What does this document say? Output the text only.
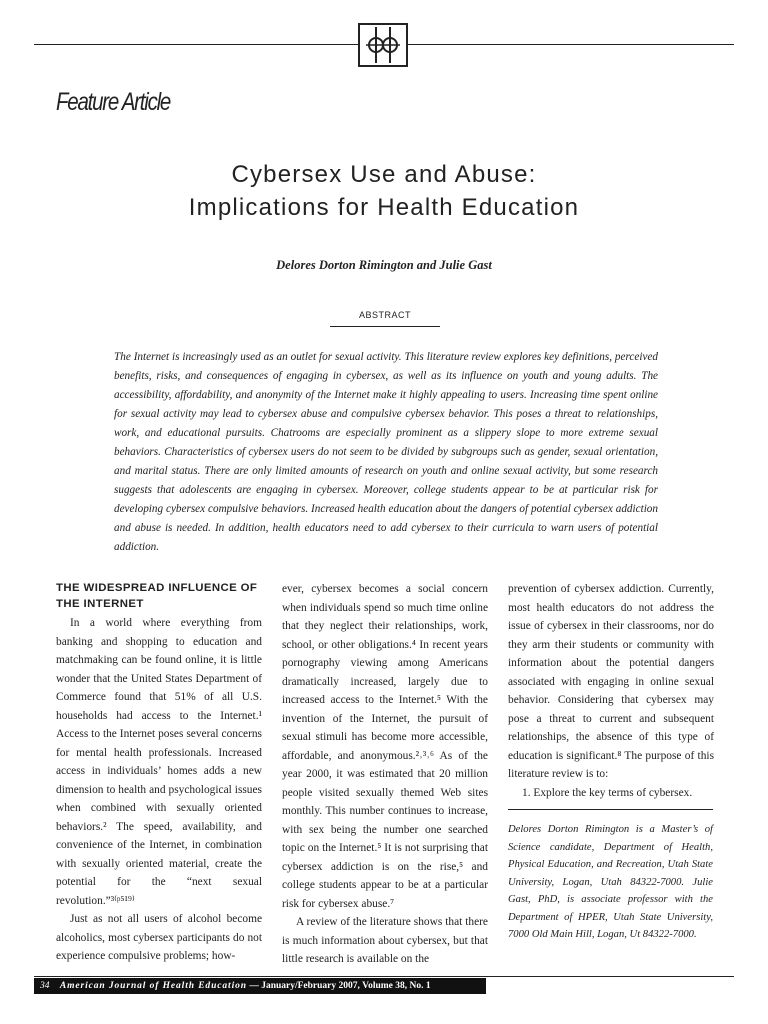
Feature Article
Cybersex Use and Abuse:
Implications for Health Education
Delores Dorton Rimington and Julie Gast
ABSTRACT
The Internet is increasingly used as an outlet for sexual activity. This literature review explores key definitions, perceived benefits, risks, and consequences of engaging in cybersex, as well as its influence on youth and young adults. The accessibility, affordability, and anonymity of the Internet make it highly appealing to users. Increasing time spent online for sexual activity may lead to cybersex abuse and compulsive cybersex behavior. This poses a threat to relationships, work, and educational pursuits. Chatrooms are especially prominent as a slippery slope to more extreme sexual behaviors. Characteristics of cybersex users do not seem to be divided by subgroups such as gender, sexual orientation, and marital status. There are only limited amounts of research on youth and online sexual activity, but some research suggests that adolescents are engaging in cybersex. Moreover, college students appear to be at particular risk for developing cybersex compulsive behaviors. Increased health education about the dangers of potential cybersex addiction and abuse is needed. In addition, health educators need to add cybersex to their curricula to warn users of potential addiction.
THE WIDESPREAD INFLUENCE OF THE INTERNET

In a world where everything from banking and shopping to education and matchmaking can be found online, it is little wonder that the United States Department of Commerce found that 51% of all U.S. households had access to the Internet.¹ Access to the Internet poses several concerns for mental health professionals. Increased access in individuals’ homes adds a new dimension to health and psychological issues when combined with sexually oriented behaviors.² The speed, availability, and convenience of the Internet, in combination with sexually oriented material, create the potential for the “next sexual revolution.”³⁽ᵖ⁵¹⁹⁾

Just as not all users of alcohol become alcoholics, most cybersex participants do not experience compulsive problems; how-

ever, cybersex becomes a social concern when individuals spend so much time online that they neglect their relationships, work, school, or other obligations.⁴ In recent years pornography viewing among Americans dramatically increased, largely due to increased access to the Internet.⁵ With the invention of the Internet, the pursuit of sexual stimuli has become more accessible, affordable, and anonymous.²˒³˒⁶ As of the year 2000, it was estimated that 20 million people visited sexually themed Web sites monthly. This number continues to increase, with sex being the number one searched topic on the Internet.⁵ It is not surprising that cybersex addiction is on the rise,⁵ and college students appear to be at a particular risk for cybersex abuse.⁷

A review of the literature shows that there is much information about cybersex, but that little research is available on the

prevention of cybersex addiction. Currently, most health educators do not address the issue of cybersex in their classrooms, nor do they arm their students or community with information about the potential dangers associated with engaging in online sexual behavior. Considering that cybersex may pose a threat to current and subsequent relationships, the absence of this type of education is significant.⁸ The purpose of this literature review is to:

1. Explore the key terms of cybersex.

Delores Dorton Rimington is a Master’s of Science candidate, Department of Health, Physical Education, and Recreation, Utah State University, Logan, Utah 84322-7000. Julie Gast, PhD, is associate professor with the Department of HPER, Utah State University, 7000 Old Main Hill, Logan, Ut 84322-7000.
34 American Journal of Health Education — January/February 2007, Volume 38, No. 1
